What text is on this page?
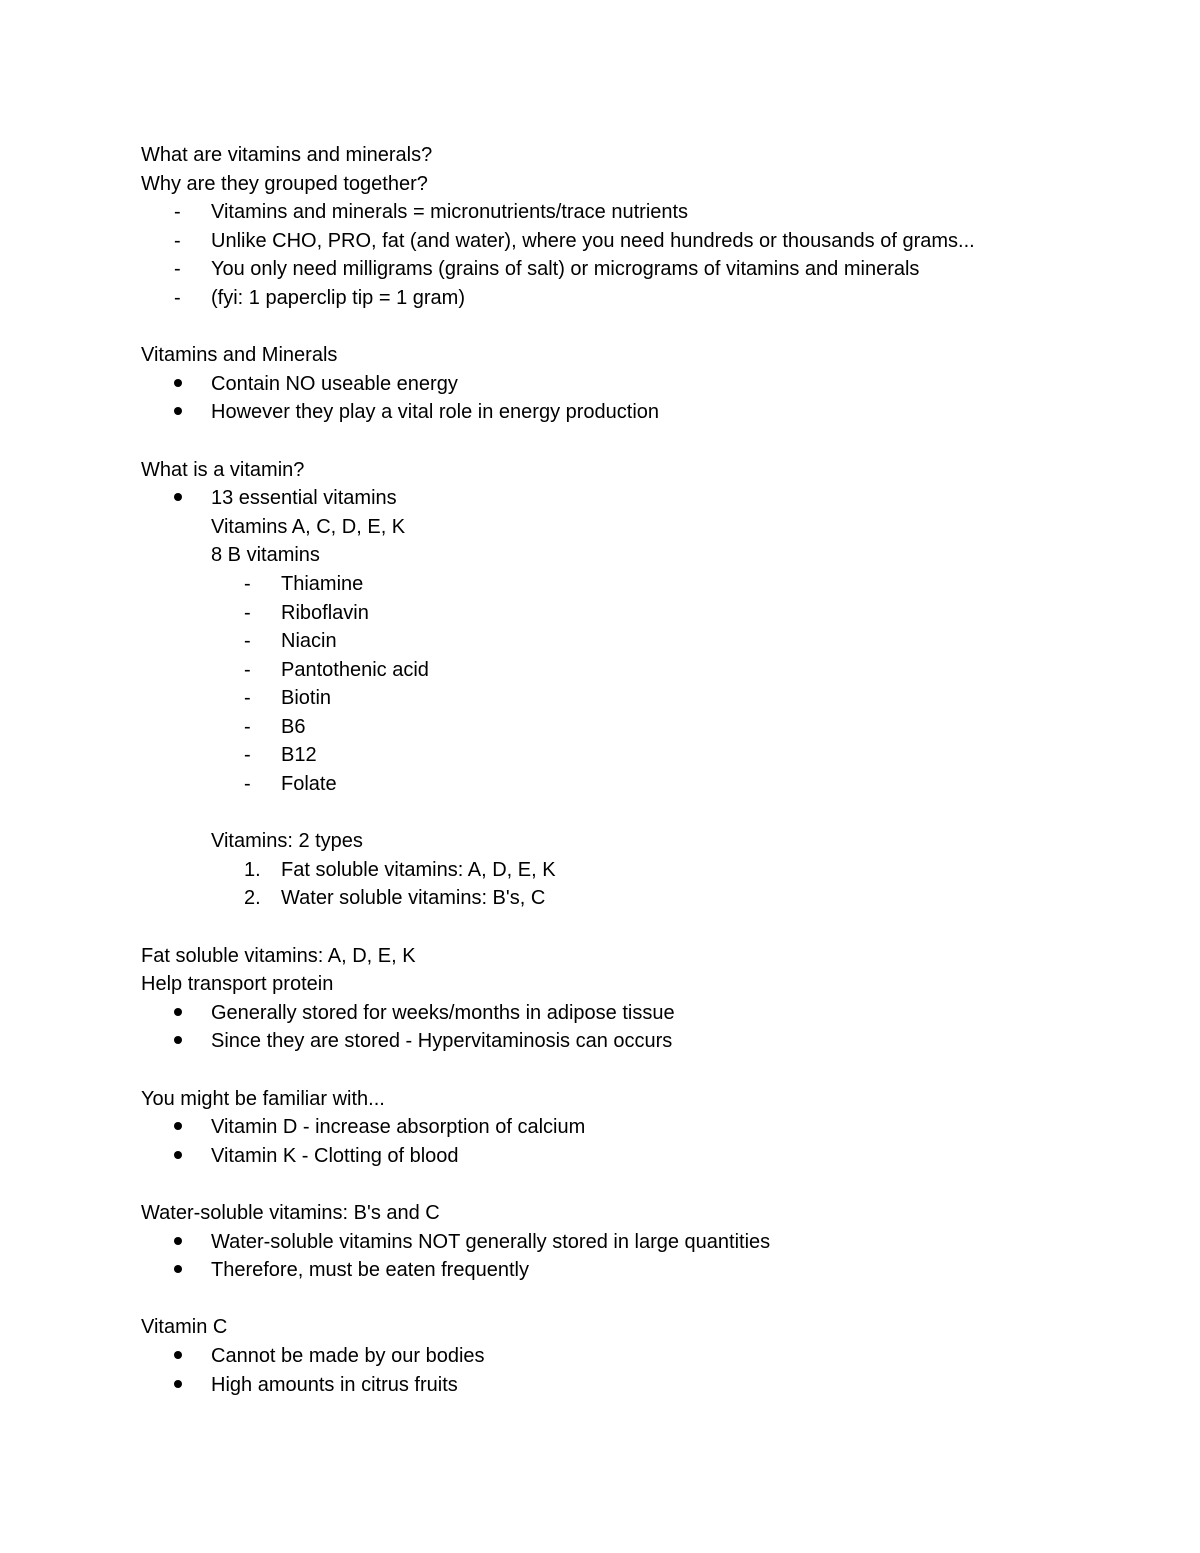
What are vitamins and minerals?
Why are they grouped together?
-	Vitamins and minerals = micronutrients/trace nutrients
-	Unlike CHO, PRO, fat (and water), where you need hundreds or thousands of grams...
-	You only need milligrams (grains of salt) or micrograms of vitamins and minerals
-	(fyi: 1 paperclip tip = 1 gram)
Vitamins and Minerals
Contain NO useable energy
However they play a vital role in energy production
What is a vitamin?
13 essential vitamins
Vitamins A, C, D, E, K
8 B vitamins
-	Thiamine
-	Riboflavin
-	Niacin
-	Pantothenic acid
-	Biotin
-	B6
-	B12
-	Folate
Vitamins: 2 types
1.	Fat soluble vitamins: A, D, E, K
2.	Water soluble vitamins: B's, C
Fat soluble vitamins: A, D, E, K
Help transport protein
Generally stored for weeks/months in adipose tissue
Since they are stored - Hypervitaminosis can occurs
You might be familiar with...
Vitamin D - increase absorption of calcium
Vitamin K - Clotting of blood
Water-soluble vitamins: B's and C
Water-soluble vitamins NOT generally stored in large quantities
Therefore, must be eaten frequently
Vitamin C
Cannot be made by our bodies
High amounts in citrus fruits
